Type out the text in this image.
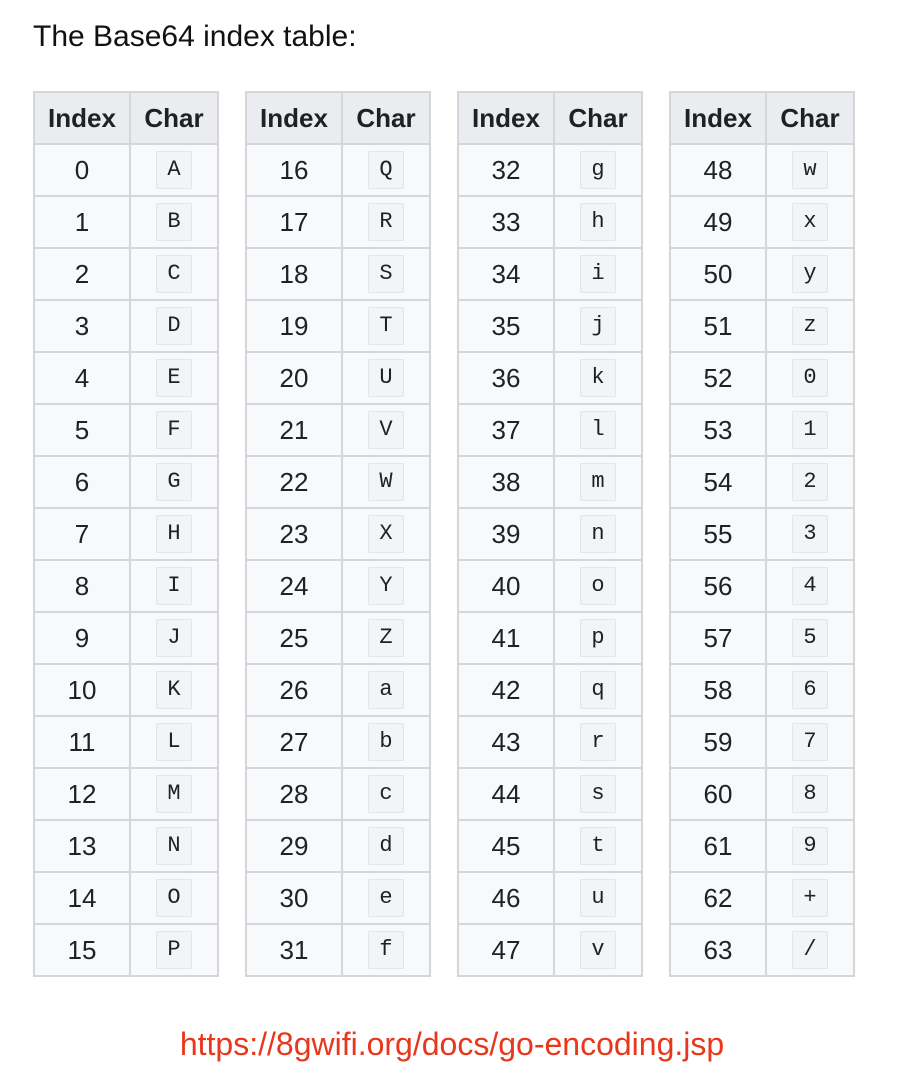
The Base64 index table:
Index	Char
0	A
1	B
2	C
3	D
4	E
5	F
6	G
7	H
8	I
9	J
10	K
11	L
12	M
13	N
14	O
15	P
Index	Char
16	Q
17	R
18	S
19	T
20	U
21	V
22	W
23	X
24	Y
25	Z
26	a
27	b
28	c
29	d
30	e
31	f
Index	Char
32	g
33	h
34	i
35	j
36	k
37	l
38	m
39	n
40	o
41	p
42	q
43	r
44	s
45	t
46	u
47	v
Index	Char
48	w
49	x
50	y
51	z
52	0
53	1
54	2
55	3
56	4
57	5
58	6
59	7
60	8
61	9
62	+
63	/
https://8gwifi.org/docs/go-encoding.jsp
